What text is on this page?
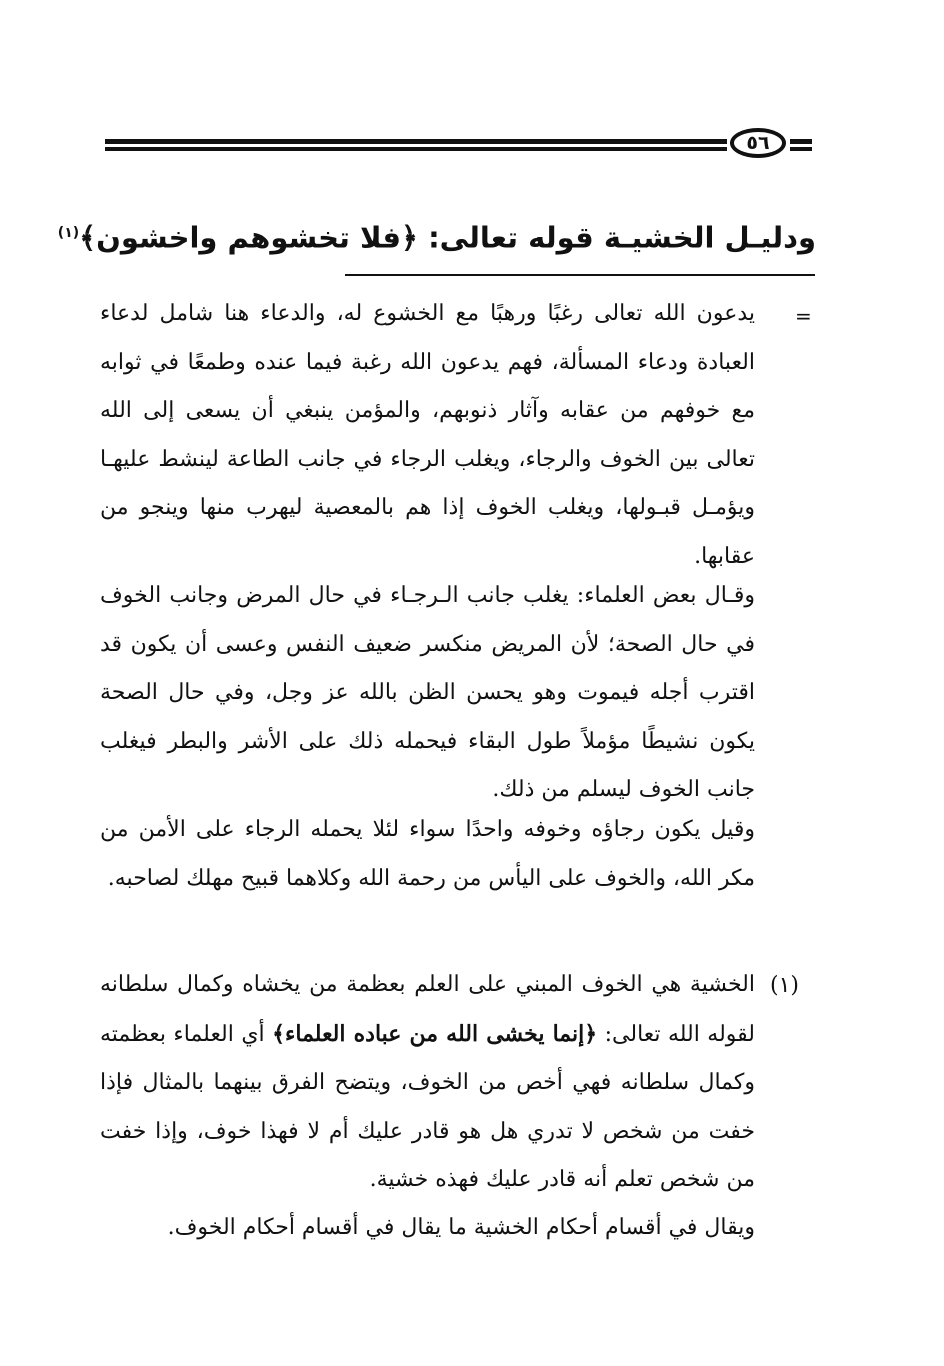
٥٦
ودليـل الخشيـة قوله تعالى: ﴿فلا تخشوهم واخشون﴾$^{(١)}$
=
يدعون الله تعالى رغبًا ورهبًا مع الخشوع له، والدعاء هنا شامل لدعاء العبادة ودعاء المسألة، فهم يدعون الله رغبة فيما عنده وطمعًا في ثوابه مع خوفهم من عقابه وآثار ذنوبهم، والمؤمن ينبغي أن يسعى إلى الله تعالى بين الخوف والرجاء، ويغلب الرجاء في جانب الطاعة لينشط عليهـا ويؤمـل قبـولها، ويغلب الخوف إذا هم بالمعصية ليهرب منها وينجو من عقابها.
وقـال بعض العلماء: يغلب جانب الـرجـاء في حال المرض وجانب الخوف في حال الصحة؛ لأن المريض منكسر ضعيف النفس وعسى أن يكون قد اقترب أجله فيموت وهو يحسن الظن بالله عز وجل، وفي حال الصحة يكون نشيطًا مؤملاً طول البقاء فيحمله ذلك على الأشر والبطر فيغلب جانب الخوف ليسلم من ذلك.
وقيل يكون رجاؤه وخوفه واحدًا سواء لئلا يحمله الرجاء على الأمن من مكر الله، والخوف على اليأس من رحمة الله وكلاهما قبيح مهلك لصاحبه.
(١)
الخشية هي الخوف المبني على العلم بعظمة من يخشاه وكمال سلطانه لقوله الله تعالى: ﴿إنما يخشى الله من عباده العلماء﴾ أي العلماء بعظمته وكمال سلطانه فهي أخص من الخوف، ويتضح الفرق بينهما بالمثال فإذا خفت من شخص لا تدري هل هو قادر عليك أم لا فهذا خوف، وإذا خفت من شخص تعلم أنه قادر عليك فهذه خشية.
ويقال في أقسام أحكام الخشية ما يقال في أقسام أحكام الخوف.
